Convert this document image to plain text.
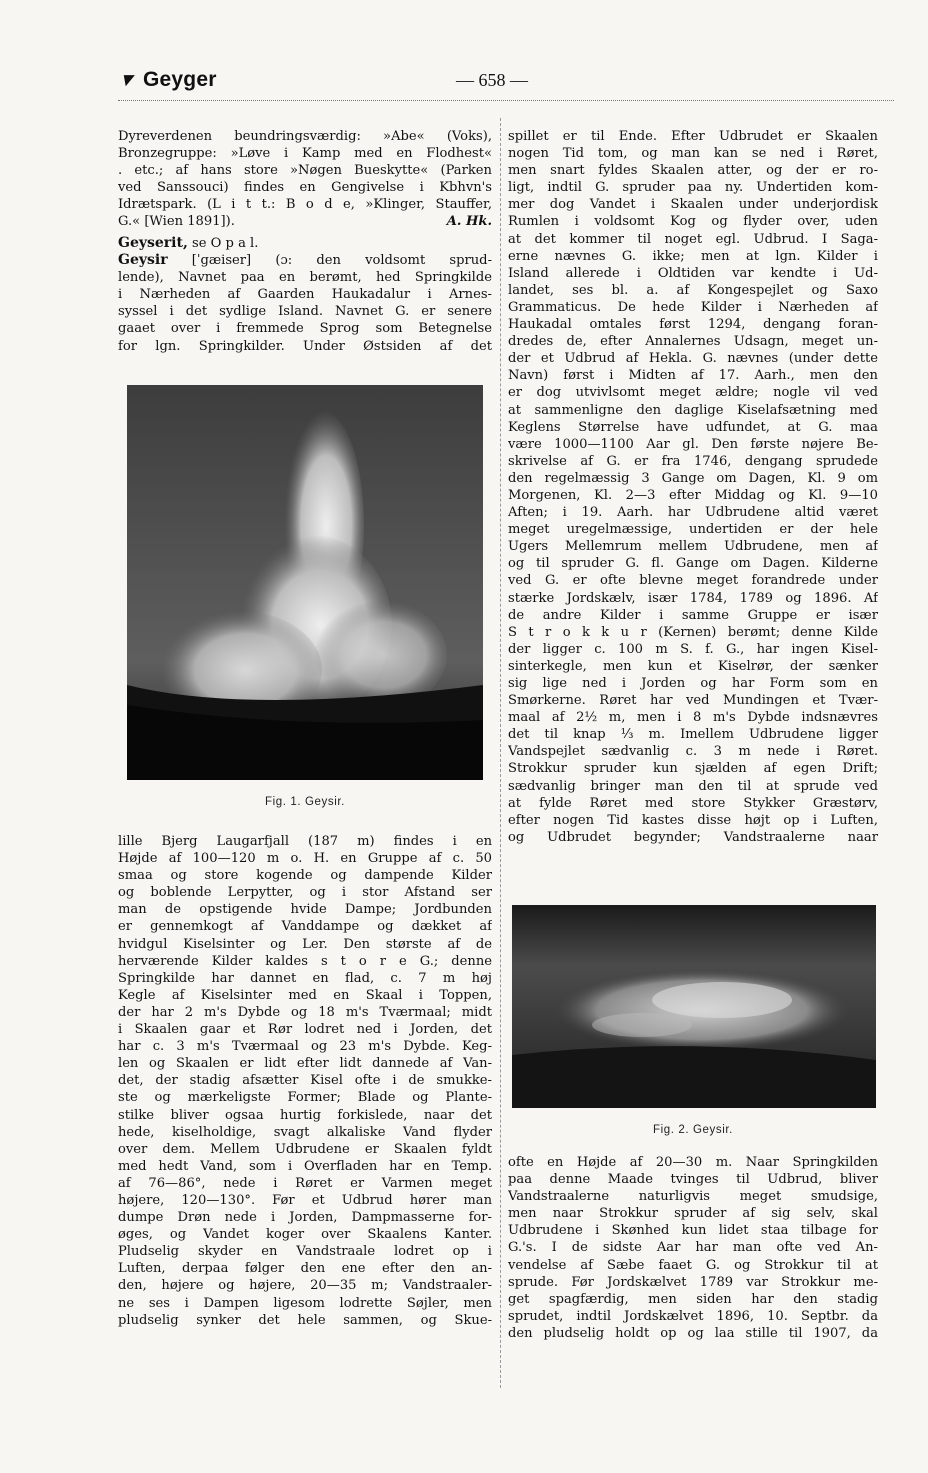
▼ Geyger	— 658 —
Dyreverdenen beundringsværdig: »Abe« (Voks),
Bronzegruppe: »Løve i Kamp med en Flodhest«
. etc.; af hans store »Nøgen Bueskytte« (Parken
ved Sanssouci) findes en Gengivelse i Kbhvn's
Idrætspark. (L i t t.: B o d e, »Klinger, Stauffer,
G.« [Wien 1891]).	A. Hk.
Geyserit, se O p a l.
Geysir [ˈgæiser] (ɔ: den voldsomt sprud-
lende), Navnet paa en berømt, hed Springkilde
i Nærheden af Gaarden Haukadalur i Arnes-
syssel i det sydlige Island. Navnet G. er senere
gaaet over i fremmede Sprog som Betegnelse
for lgn. Springkilder. Under Østsiden af det
Fig. 1. Geysir.
lille Bjerg Laugarfjall (187 m) findes i en
Højde af 100—120 m o. H. en Gruppe af c. 50
smaa og store kogende og dampende Kilder
og boblende Lerpytter, og i stor Afstand ser
man de opstigende hvide Dampe; Jordbunden
er gennemkogt af Vanddampe og dækket af
hvidgul Kiselsinter og Ler. Den største af de
herværende Kilder kaldes s t o r e G.; denne
Springkilde har dannet en flad, c. 7 m høj
Kegle af Kiselsinter med en Skaal i Toppen,
der har 2 m's Dybde og 18 m's Tværmaal; midt
i Skaalen gaar et Rør lodret ned i Jorden, det
har c. 3 m's Tværmaal og 23 m's Dybde. Keg-
len og Skaalen er lidt efter lidt dannede af Van-
det, der stadig afsætter Kisel ofte i de smukke-
ste og mærkeligste Former; Blade og Plante-
stilke bliver ogsaa hurtig forkislede, naar det
hede, kiselholdige, svagt alkaliske Vand flyder
over dem. Mellem Udbrudene er Skaalen fyldt
med hedt Vand, som i Overfladen har en Temp.
af 76—86°, nede i Røret er Varmen meget
højere, 120—130°. Før et Udbrud hører man
dumpe Drøn nede i Jorden, Dampmasserne for-
øges, og Vandet koger over Skaalens Kanter.
Pludselig skyder en Vandstraale lodret op i
Luften, derpaa følger den ene efter den an-
den, højere og højere, 20—35 m; Vandstraaler-
ne ses i Dampen ligesom lodrette Søjler, men
pludselig synker det hele sammen, og Skue-
spillet er til Ende. Efter Udbrudet er Skaalen
nogen Tid tom, og man kan se ned i Røret,
men snart fyldes Skaalen atter, og der er ro-
ligt, indtil G. spruder paa ny. Undertiden kom-
mer dog Vandet i Skaalen under underjordisk
Rumlen i voldsomt Kog og flyder over, uden
at det kommer til noget egl. Udbrud. I Saga-
erne nævnes G. ikke; men at lgn. Kilder i
Island allerede i Oldtiden var kendte i Ud-
landet, ses bl. a. af Kongespejlet og Saxo
Grammaticus. De hede Kilder i Nærheden af
Haukadal omtales først 1294, dengang foran-
dredes de, efter Annalernes Udsagn, meget un-
der et Udbrud af Hekla. G. nævnes (under dette
Navn) først i Midten af 17. Aarh., men den
er dog utvivlsomt meget ældre; nogle vil ved
at sammenligne den daglige Kiselafsætning med
Keglens Størrelse have udfundet, at G. maa
være 1000—1100 Aar gl. Den første nøjere Be-
skrivelse af G. er fra 1746, dengang sprudede
den regelmæssig 3 Gange om Dagen, Kl. 9 om
Morgenen, Kl. 2—3 efter Middag og Kl. 9—10
Aften; i 19. Aarh. har Udbrudene altid været
meget uregelmæssige, undertiden er der hele
Ugers Mellemrum mellem Udbrudene, men af
og til spruder G. fl. Gange om Dagen. Kilderne
ved G. er ofte blevne meget forandrede under
stærke Jordskælv, især 1784, 1789 og 1896. Af
de andre Kilder i samme Gruppe er især
S t r o k k u r (Kernen) berømt; denne Kilde
der ligger c. 100 m S. f. G., har ingen Kisel-
sinterkegle, men kun et Kiselrør, der sænker
sig lige ned i Jorden og har Form som en
Smørkerne. Røret har ved Mundingen et Tvær-
maal af 2½ m, men i 8 m's Dybde indsnævres
det til knap ⅓ m. Imellem Udbrudene ligger
Vandspejlet sædvanlig c. 3 m nede i Røret.
Strokkur spruder kun sjælden af egen Drift;
sædvanlig bringer man den til at sprude ved
at fylde Røret med store Stykker Græstørv,
efter nogen Tid kastes disse højt op i Luften,
og Udbrudet begynder; Vandstraalerne naar
Fig. 2. Geysir.
ofte en Højde af 20—30 m. Naar Springkilden
paa denne Maade tvinges til Udbrud, bliver
Vandstraalerne naturligvis meget smudsige,
men naar Strokkur spruder af sig selv, skal
Udbrudene i Skønhed kun lidet staa tilbage for
G.'s. I de sidste Aar har man ofte ved An-
vendelse af Sæbe faaet G. og Strokkur til at
sprude. Før Jordskælvet 1789 var Strokkur me-
get spagfærdig, men siden har den stadig
sprudet, indtil Jordskælvet 1896, 10. Septbr. da
den pludselig holdt op og laa stille til 1907, da
